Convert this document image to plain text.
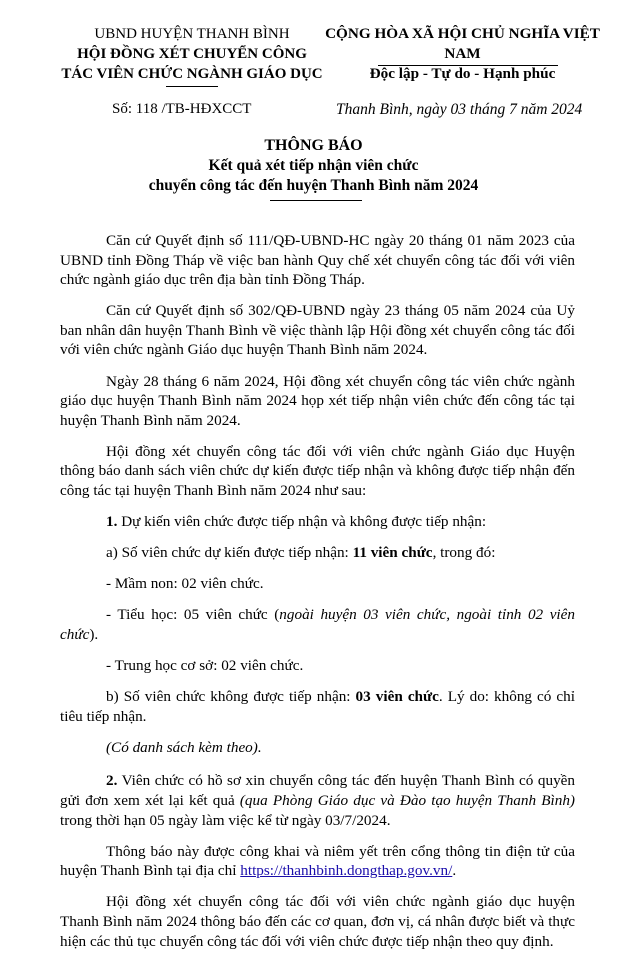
UBND HUYỆN THANH BÌNH
HỘI ĐỒNG XÉT CHUYỂN CÔNG
TÁC VIÊN CHỨC NGÀNH GIÁO DỤC
CỘNG HÒA XÃ HỘI CHỦ NGHĨA VIỆT NAM
Độc lập - Tự do - Hạnh phúc
Số: 118 /TB-HĐXCCT	Thanh Bình, ngày 03 tháng 7 năm 2024
THÔNG BÁO
Kết quả xét tiếp nhận viên chức
chuyển công tác đến huyện Thanh Bình năm 2024

Căn cứ Quyết định số 111/QĐ-UBND-HC ngày 20 tháng 01 năm 2023 của UBND tỉnh Đồng Tháp về việc ban hành Quy chế xét chuyển công tác đối với viên chức ngành giáo dục trên địa bàn tỉnh Đồng Tháp.

Căn cứ Quyết định số 302/QĐ-UBND ngày 23 tháng 05 năm 2024 của Uỷ ban nhân dân huyện Thanh Bình về việc thành lập Hội đồng xét chuyển công tác đối với viên chức ngành Giáo dục huyện Thanh Bình năm 2024.

Ngày 28 tháng 6 năm 2024, Hội đồng xét chuyển công tác viên chức ngành giáo dục huyện Thanh Bình năm 2024 họp xét tiếp nhận viên chức đến công tác tại huyện Thanh Bình năm 2024.

Hội đồng xét chuyển công tác đối với viên chức ngành Giáo dục Huyện thông báo danh sách viên chức dự kiến được tiếp nhận và không được tiếp nhận đến công tác tại huyện Thanh Bình năm 2024 như sau:

1. Dự kiến viên chức được tiếp nhận và không được tiếp nhận:

a) Số viên chức dự kiến được tiếp nhận: 11 viên chức, trong đó:

- Mầm non: 02 viên chức.

- Tiểu học: 05 viên chức (ngoài huyện 03 viên chức, ngoài tỉnh 02 viên chức).

- Trung học cơ sở: 02 viên chức.

b) Số viên chức không được tiếp nhận: 03 viên chức. Lý do: không có chỉ tiêu tiếp nhận.

(Có danh sách kèm theo).

2. Viên chức có hồ sơ xin chuyển công tác đến huyện Thanh Bình có quyền gửi đơn xem xét lại kết quả (qua Phòng Giáo dục và Đào tạo huyện Thanh Bình) trong thời hạn 05 ngày làm việc kể từ ngày 03/7/2024.

Thông báo này được công khai và niêm yết trên cổng thông tin điện tử của huyện Thanh Bình tại địa chỉ https://thanhbinh.dongthap.gov.vn/.

Hội đồng xét chuyển công tác đối với viên chức ngành giáo dục huyện Thanh Bình năm 2024 thông báo đến các cơ quan, đơn vị, cá nhân được biết và thực hiện các thủ tục chuyển công tác đối với viên chức được tiếp nhận theo quy định.
